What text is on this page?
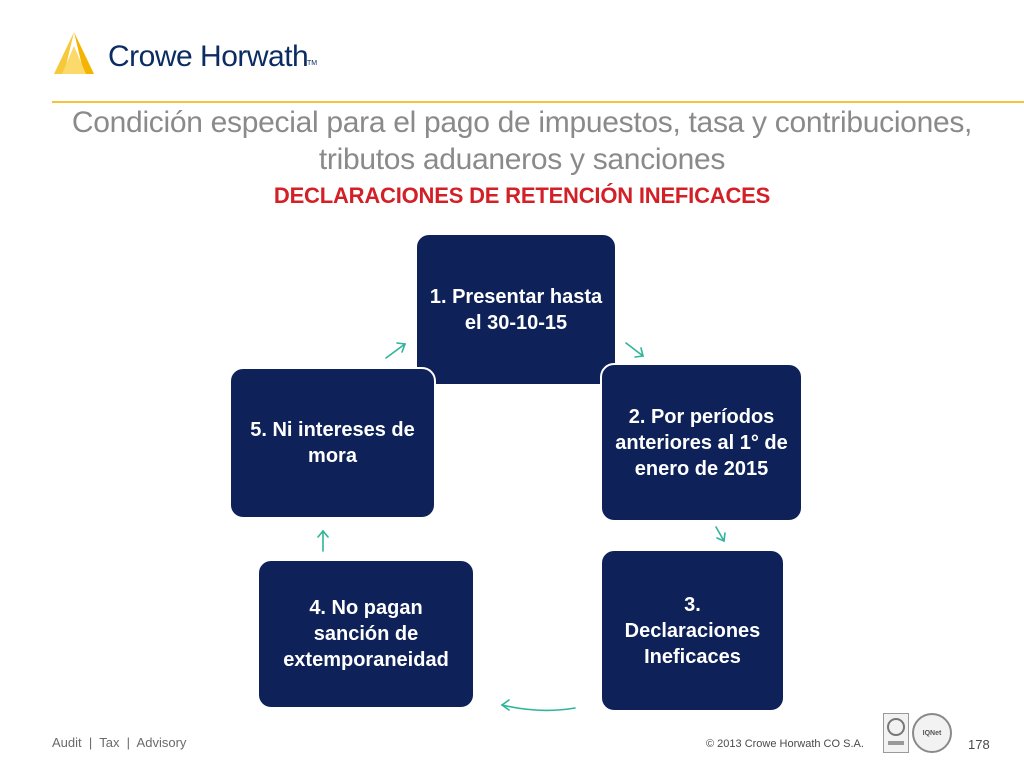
Crowe Horwath
TM
Condición especial para el pago de impuestos, tasa y contribuciones, tributos aduaneros y sanciones
DECLARACIONES DE RETENCIÓN INEFICACES
1. Presentar hasta el 30-10-15
2. Por períodos anteriores al 1° de enero de 2015
3. Declaraciones Ineficaces
4. No pagan sanción de extemporaneidad
5. Ni intereses de mora
Audit  |  Tax  |  Advisory	© 2013 Crowe Horwath CO S.A.
IQNet
178
